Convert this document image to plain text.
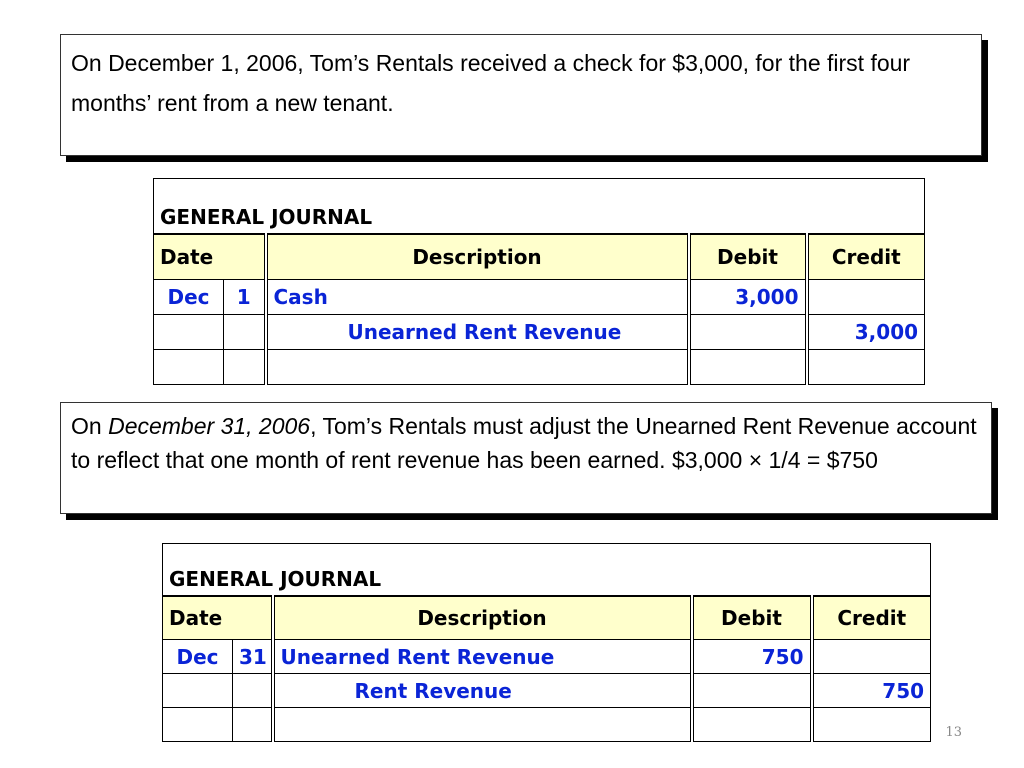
On December 1, 2006, Tom’s Rentals received a check for $3,000, for the first four months’ rent from a new tenant.
GENERAL JOURNAL				
Date		Description	Debit	Credit
Dec	1	Cash	3,000	
		Unearned Rent Revenue		3,000

On December 31, 2006, Tom’s Rentals must adjust the Unearned Rent Revenue account to reflect that one month of rent revenue has been earned. $3,000 × 1/4 = $750
GENERAL JOURNAL				
Date		Description	Debit	Credit
Dec	31	Unearned Rent Revenue	750	
		Rent Revenue		750

13
